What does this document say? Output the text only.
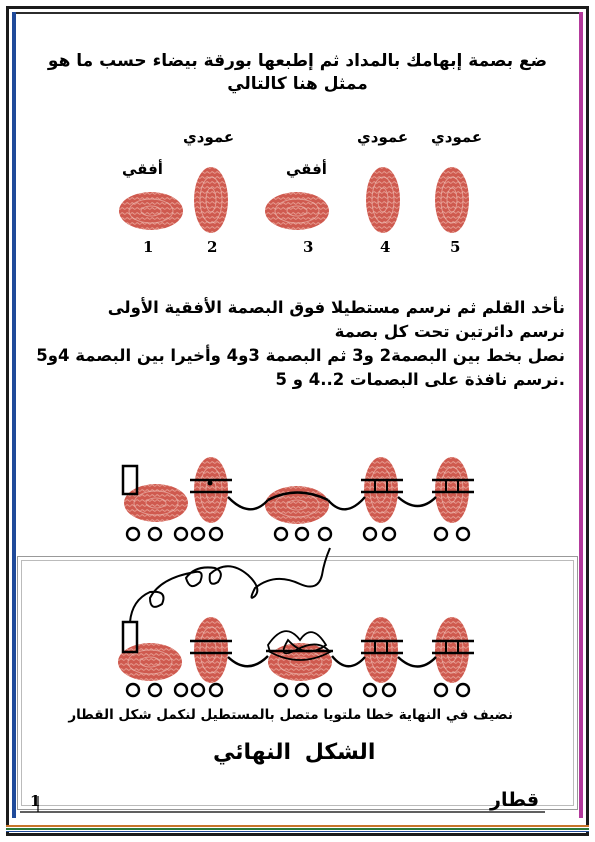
ضع بصمة إبهامك بالمداد ثم إطبعها بورقة بيضاء حسب ما هو ممثل هنا كالتالي
أفقي
عمودي
أفقي
عمودي عمودي
1	2	3	4	5
نأخد القلم ثم نرسم مستطيلا فوق البصمة الأفقية الأولى
نرسم دائرتين تحت كل بصمة
نصل بخط بين البصمة2 و3 ثم البصمة 3و4 وأخيرا بين البصمة 4و5
.نرسم نافذة على البصمات 2..4 و 5
نضيف في النهاية خطا ملتويا متصل بالمستطيل لنكمل شكل القطار
الشكل النهائي
قطار
1
